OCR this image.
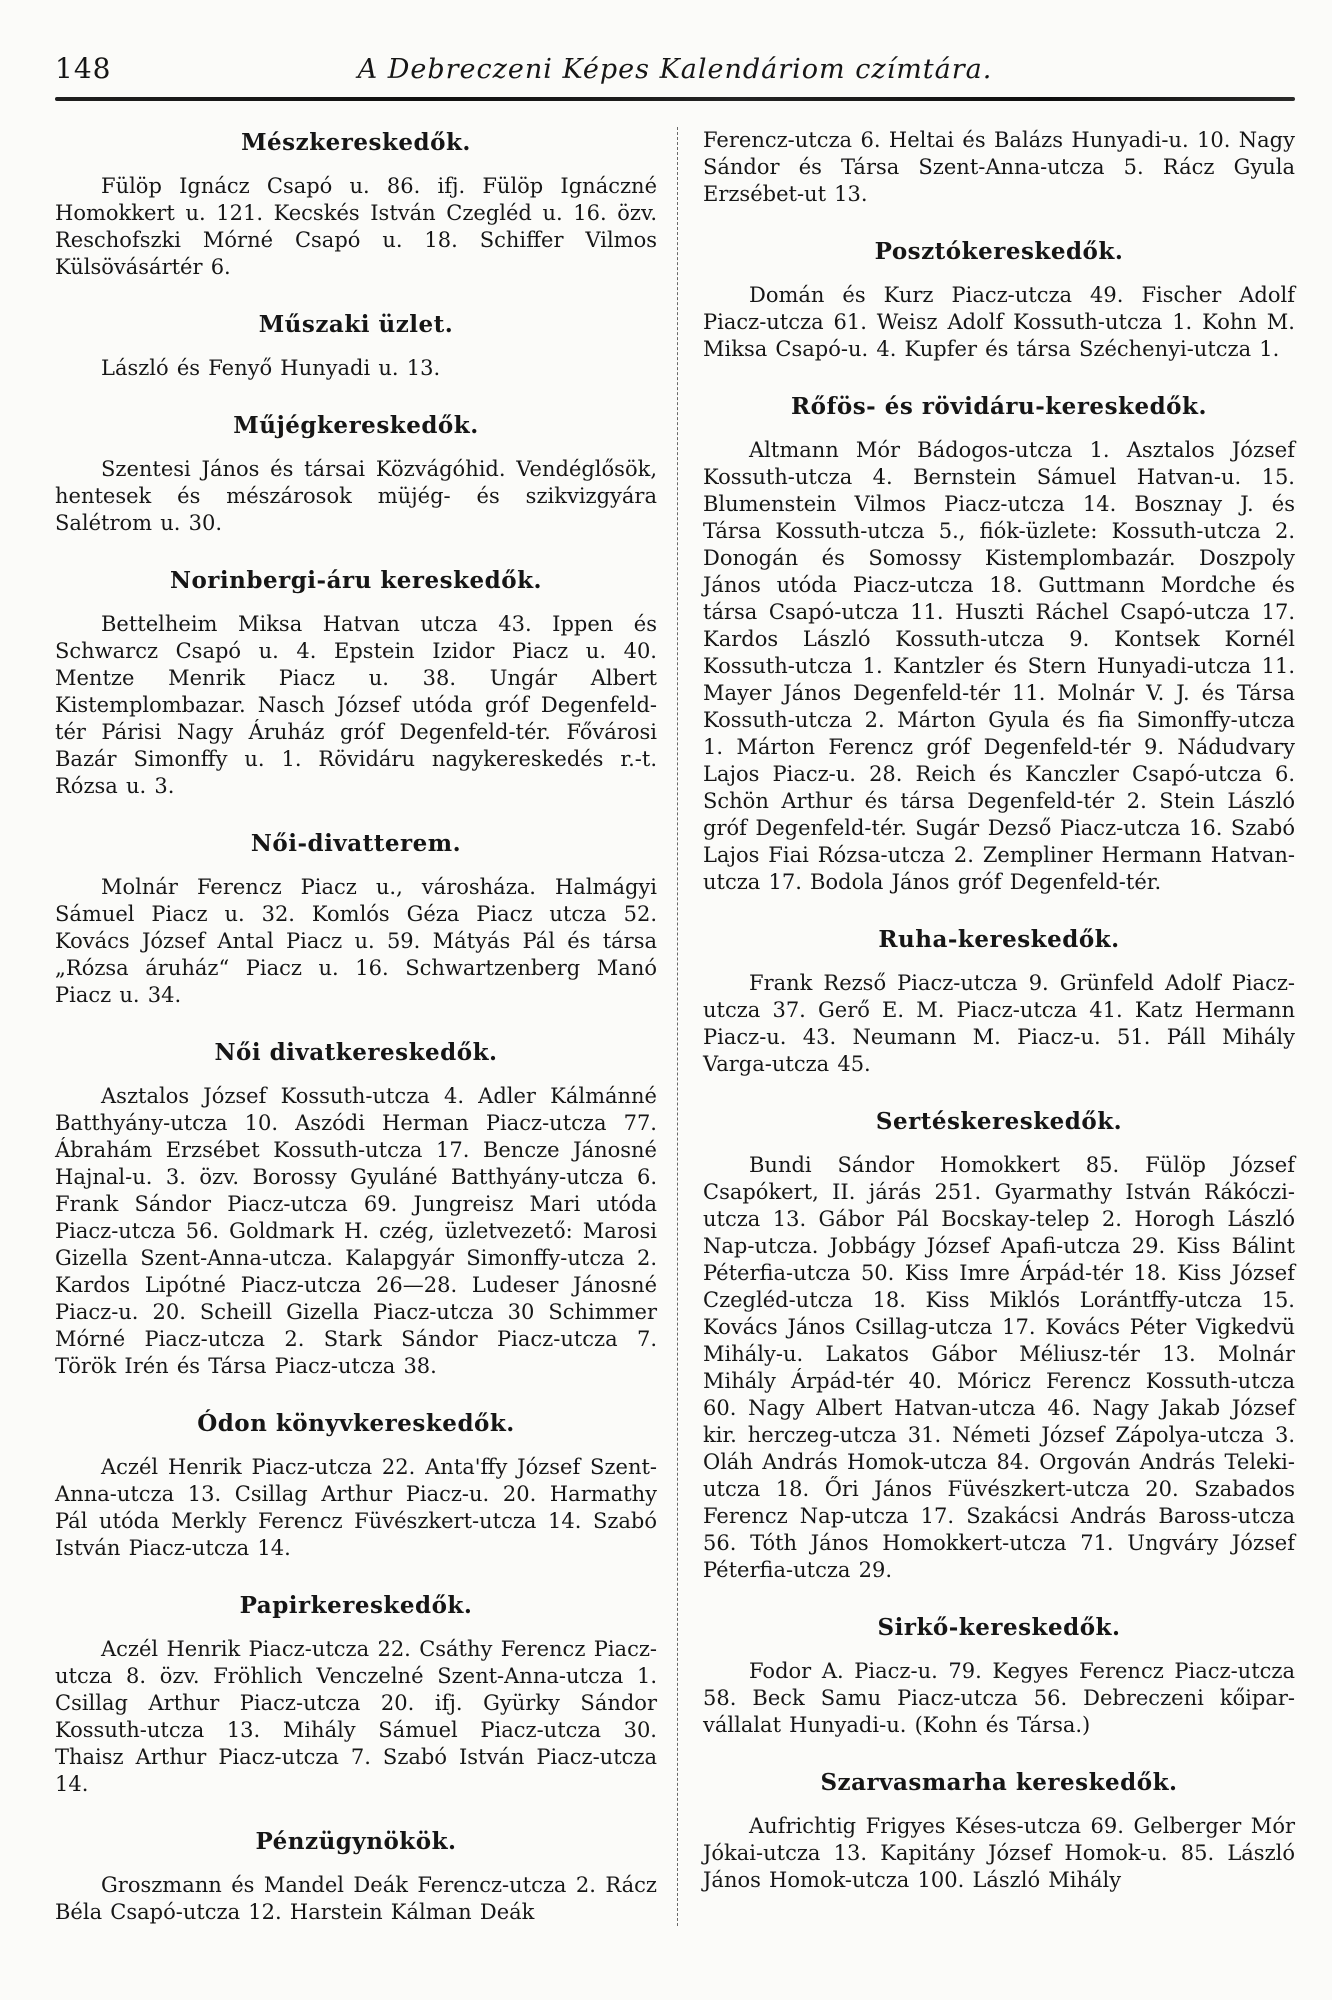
148	A Debreczeni Képes Kalendáriom czímtára.
Mészkereskedők.

Fülöp Ignácz Csapó u. 86. ifj. Fülöp Ignáczné Homokkert u. 121. Kecskés István Czegléd u. 16. özv. Reschofszki Mórné Csapó u. 18. Schiffer Vilmos Külsövásártér 6.

Műszaki üzlet.

László és Fenyő Hunyadi u. 13.

Műjégkereskedők.

Szentesi János és társai Közvágóhid. Vendéglősök, hentesek és mészárosok müjég- és szikvizgyára Salétrom u. 30.

Norinbergi-áru kereskedők.

Bettelheim Miksa Hatvan utcza 43. Ippen és Schwarcz Csapó u. 4. Epstein Izidor Piacz u. 40. Mentze Menrik Piacz u. 38. Ungár Albert Kistemplombazar. Nasch József utóda gróf Degenfeld-tér Párisi Nagy Áruház gróf Degenfeld-tér. Fővárosi Bazár Simonffy u. 1. Rövidáru nagykereskedés r.-t. Rózsa u. 3.

Női-divatterem.

Molnár Ferencz Piacz u., városháza. Halmágyi Sámuel Piacz u. 32. Komlós Géza Piacz utcza 52. Kovács József Antal Piacz u. 59. Mátyás Pál és társa „Rózsa áruház“ Piacz u. 16. Schwartzenberg Manó Piacz u. 34.

Női divatkereskedők.

Asztalos József Kossuth-utcza 4. Adler Kálmánné Batthyány-utcza 10. Aszódi Herman Piacz-utcza 77. Ábrahám Erzsébet Kossuth-utcza 17. Bencze Jánosné Hajnal-u. 3. özv. Borossy Gyuláné Batthyány-utcza 6. Frank Sándor Piacz-utcza 69. Jungreisz Mari utóda Piacz-utcza 56. Goldmark H. czég, üzletvezető: Marosi Gizella Szent-Anna-utcza. Kalapgyár Simonffy-utcza 2. Kardos Lipótné Piacz-utcza 26—28. Ludeser Jánosné Piacz-u. 20. Scheill Gizella Piacz-utcza 30 Schimmer Mórné Piacz-utcza 2. Stark Sándor Piacz-utcza 7. Török Irén és Társa Piacz-utcza 38.

Ódon könyvkereskedők.

Aczél Henrik Piacz-utcza 22. Anta'ffy József Szent-Anna-utcza 13. Csillag Arthur Piacz-u. 20. Harmathy Pál utóda Merkly Ferencz Füvészkert-utcza 14. Szabó István Piacz-utcza 14.

Papirkereskedők.

Aczél Henrik Piacz-utcza 22. Csáthy Ferencz Piacz-utcza 8. özv. Fröhlich Venczelné Szent-Anna-utcza 1. Csillag Arthur Piacz-utcza 20. ifj. Gyürky Sándor Kossuth-utcza 13. Mihály Sámuel Piacz-utcza 30. Thaisz Arthur Piacz-utcza 7. Szabó István Piacz-utcza 14.

Pénzügynökök.

Groszmann és Mandel Deák Ferencz-utcza 2. Rácz Béla Csapó-utcza 12. Harstein Kálman Deák

Ferencz-utcza 6. Heltai és Balázs Hunyadi-u. 10. Nagy Sándor és Társa Szent-Anna-utcza 5. Rácz Gyula Erzsébet-ut 13.

Posztókereskedők.

Domán és Kurz Piacz-utcza 49. Fischer Adolf Piacz-utcza 61. Weisz Adolf Kossuth-utcza 1. Kohn M. Miksa Csapó-u. 4. Kupfer és társa Széchenyi-utcza 1.

Rőfös- és rövidáru-kereskedők.

Altmann Mór Bádogos-utcza 1. Asztalos József Kossuth-utcza 4. Bernstein Sámuel Hatvan-u. 15. Blumenstein Vilmos Piacz-utcza 14. Bosznay J. és Társa Kossuth-utcza 5., fiók-üzlete: Kossuth-utcza 2. Donogán és Somossy Kistemplombazár. Doszpoly János utóda Piacz-utcza 18. Guttmann Mordche és társa Csapó-utcza 11. Huszti Ráchel Csapó-utcza 17. Kardos László Kossuth-utcza 9. Kontsek Kornél Kossuth-utcza 1. Kantzler és Stern Hunyadi-utcza 11. Mayer János Degenfeld-tér 11. Molnár V. J. és Társa Kossuth-utcza 2. Márton Gyula és fia Simonffy-utcza 1. Márton Ferencz gróf Degenfeld-tér 9. Nádudvary Lajos Piacz-u. 28. Reich és Kanczler Csapó-utcza 6. Schön Arthur és társa Degenfeld-tér 2. Stein László gróf Degenfeld-tér. Sugár Dezső Piacz-utcza 16. Szabó Lajos Fiai Rózsa-utcza 2. Zempliner Hermann Hatvan-utcza 17. Bodola János gróf Degenfeld-tér.

Ruha-kereskedők.

Frank Rezső Piacz-utcza 9. Grünfeld Adolf Piacz-utcza 37. Gerő E. M. Piacz-utcza 41. Katz Hermann Piacz-u. 43. Neumann M. Piacz-u. 51. Páll Mihály Varga-utcza 45.

Sertéskereskedők.

Bundi Sándor Homokkert 85. Fülöp József Csapókert, II. járás 251. Gyarmathy István Rákóczi-utcza 13. Gábor Pál Bocskay-telep 2. Horogh László Nap-utcza. Jobbágy József Apafi-utcza 29. Kiss Bálint Péterfia-utcza 50. Kiss Imre Árpád-tér 18. Kiss József Czegléd-utcza 18. Kiss Miklós Lorántffy-utcza 15. Kovács János Csillag-utcza 17. Kovács Péter Vigkedvü Mihály-u. Lakatos Gábor Méliusz-tér 13. Molnár Mihály Árpád-tér 40. Móricz Ferencz Kossuth-utcza 60. Nagy Albert Hatvan-utcza 46. Nagy Jakab József kir. herczeg-utcza 31. Németi József Zápolya-utcza 3. Oláh András Homok-utcza 84. Orgován András Teleki-utcza 18. Őri János Füvészkert-utcza 20. Szabados Ferencz Nap-utcza 17. Szakácsi András Baross-utcza 56. Tóth János Homokkert-utcza 71. Ungváry József Péterfia-utcza 29.

Sirkő-kereskedők.

Fodor A. Piacz-u. 79. Kegyes Ferencz Piacz-utcza 58. Beck Samu Piacz-utcza 56. Debreczeni kőipar-vállalat Hunyadi-u. (Kohn és Társa.)

Szarvasmarha kereskedők.

Aufrichtig Frigyes Késes-utcza 69. Gelberger Mór Jókai-utcza 13. Kapitány József Homok-u. 85. László János Homok-utcza 100. László Mihály
